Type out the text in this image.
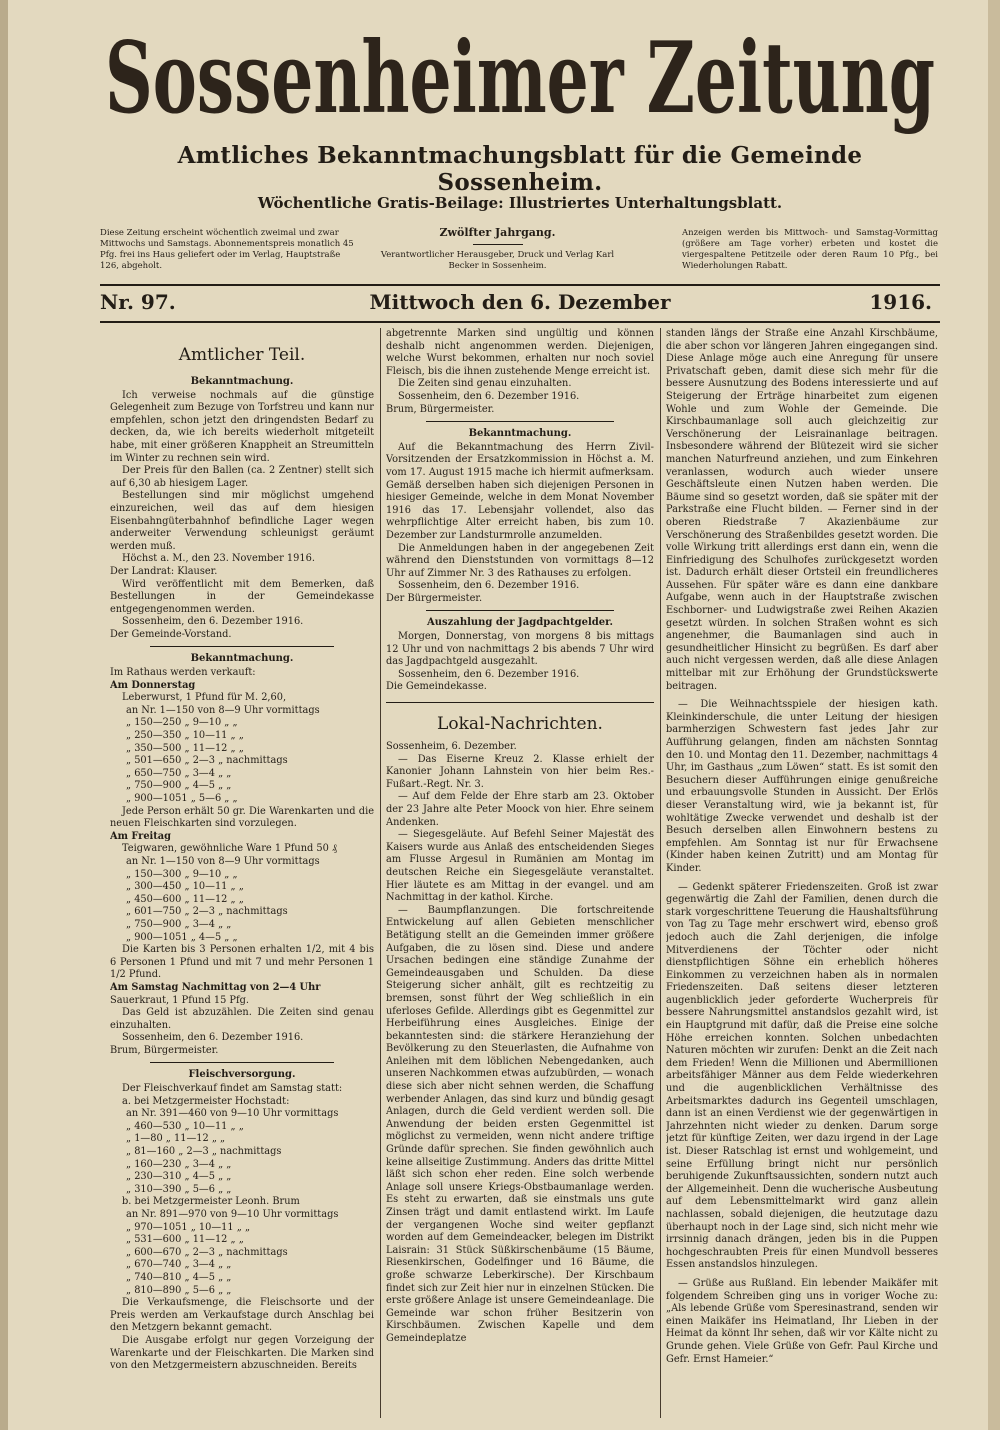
Sossenheimer Zeitung
Amtliches Bekanntmachungsblatt für die Gemeinde Sossenheim.
Wöchentliche Gratis-Beilage: Illustriertes Unterhaltungsblatt.
Diese Zeitung erscheint wöchentlich zweimal und zwar Mittwochs und Samstags. Abonnementspreis monatlich 45 Pfg. frei ins Haus geliefert oder im Verlag, Hauptstraße 126, abgeholt.
Zwölfter Jahrgang.
Verantwortlicher Herausgeber, Druck und Verlag Karl Becker in Sossenheim.
Anzeigen werden bis Mittwoch- und Samstag-Vormittag (größere am Tage vorher) erbeten und kostet die viergespaltene Petitzeile oder deren Raum 10 Pfg., bei Wiederholungen Rabatt.
Nr. 97.	Mittwoch den 6. Dezember	1916.
Amtlicher Teil.
Bekanntmachung.

Ich verweise nochmals auf die günstige Gelegenheit zum Bezuge von Torfstreu und kann nur empfehlen, schon jetzt den dringendsten Bedarf zu decken, da, wie ich bereits wiederholt mitgeteilt habe, mit einer größeren Knappheit an Streumitteln im Winter zu rechnen sein wird.

Der Preis für den Ballen (ca. 2 Zentner) stellt sich auf 6,30 ab hiesigem Lager.

Bestellungen sind mir möglichst umgehend einzureichen, weil das auf dem hiesigen Eisenbahngüterbahnhof befindliche Lager wegen anderweiter Verwendung schleunigst geräumt werden muß.

Höchst a. M., den 23. November 1916.

Der Landrat: Klauser.

Wird veröffentlicht mit dem Bemerken, daß Bestellungen in der Gemeindekasse entgegengenommen werden.

Sossenheim, den 6. Dezember 1916.

Der Gemeinde-Vorstand.

Bekanntmachung.

Im Rathaus werden verkauft:

Am Donnerstag

Leberwurst, 1 Pfund für M. 2,60,

an Nr. 1—150 von 8—9 Uhr vormittags

„ 150—250 „ 9—10 „ „

„ 250—350 „ 10—11 „ „

„ 350—500 „ 11—12 „ „

„ 501—650 „ 2—3 „ nachmittags

„ 650—750 „ 3—4 „ „

„ 750—900 „ 4—5 „ „

„ 900—1051 „ 5—6 „ „

Jede Person erhält 50 gr. Die Warenkarten und die neuen Fleischkarten sind vorzulegen.

Am Freitag

Teigwaren, gewöhnliche Ware 1 Pfund 50 ₰

an Nr. 1—150 von 8—9 Uhr vormittags

„ 150—300 „ 9—10 „ „

„ 300—450 „ 10—11 „ „

„ 450—600 „ 11—12 „ „

„ 601—750 „ 2—3 „ nachmittags

„ 750—900 „ 3—4 „ „

„ 900—1051 „ 4—5 „ „

Die Karten bis 3 Personen erhalten 1/2, mit 4 bis 6 Personen 1 Pfund und mit 7 und mehr Personen 1 1/2 Pfund.

Am Samstag Nachmittag von 2—4 Uhr

Sauerkraut, 1 Pfund 15 Pfg.

Das Geld ist abzuzählen. Die Zeiten sind genau einzuhalten.

Sossenheim, den 6. Dezember 1916.

Brum, Bürgermeister.

Fleischversorgung.

Der Fleischverkauf findet am Samstag statt:

a. bei Metzgermeister Hochstadt:

an Nr. 391—460 von 9—10 Uhr vormittags

„ 460—530 „ 10—11 „ „

„ 1—80 „ 11—12 „ „

„ 81—160 „ 2—3 „ nachmittags

„ 160—230 „ 3—4 „ „

„ 230—310 „ 4—5 „ „

„ 310—390 „ 5—6 „ „

b. bei Metzgermeister Leonh. Brum

an Nr. 891—970 von 9—10 Uhr vormittags

„ 970—1051 „ 10—11 „ „

„ 531—600 „ 11—12 „ „

„ 600—670 „ 2—3 „ nachmittags

„ 670—740 „ 3—4 „ „

„ 740—810 „ 4—5 „ „

„ 810—890 „ 5—6 „ „

Die Verkaufsmenge, die Fleischsorte und der Preis werden am Verkaufstage durch Anschlag bei den Metzgern bekannt gemacht.

Die Ausgabe erfolgt nur gegen Vorzeigung der Warenkarte und der Fleischkarten. Die Marken sind von den Metzgermeistern abzuschneiden. Bereits

abgetrennte Marken sind ungültig und können deshalb nicht angenommen werden. Diejenigen, welche Wurst bekommen, erhalten nur noch soviel Fleisch, bis die ihnen zustehende Menge erreicht ist.

Die Zeiten sind genau einzuhalten.

Sossenheim, den 6. Dezember 1916.

Brum, Bürgermeister.

Bekanntmachung.

Auf die Bekanntmachung des Herrn Zivil-Vorsitzenden der Ersatzkommission in Höchst a. M. vom 17. August 1915 mache ich hiermit aufmerksam. Gemäß derselben haben sich diejenigen Personen in hiesiger Gemeinde, welche in dem Monat November 1916 das 17. Lebensjahr vollendet, also das wehrpflichtige Alter erreicht haben, bis zum 10. Dezember zur Landsturmrolle anzumelden.

Die Anmeldungen haben in der angegebenen Zeit während den Dienststunden von vormittags 8—12 Uhr auf Zimmer Nr. 3 des Rathauses zu erfolgen.

Sossenheim, den 6. Dezember 1916.

Der Bürgermeister.

Auszahlung der Jagdpachtgelder.

Morgen, Donnerstag, von morgens 8 bis mittags 12 Uhr und von nachmittags 2 bis abends 7 Uhr wird das Jagdpachtgeld ausgezahlt.

Sossenheim, den 6. Dezember 1916.

Die Gemeindekasse.

Lokal-Nachrichten.

Sossenheim, 6. Dezember.

— Das Eiserne Kreuz 2. Klasse erhielt der Kanonier Johann Lahnstein von hier beim Res.-Fußart.-Regt. Nr. 3.

— Auf dem Felde der Ehre starb am 23. Oktober der 23 Jahre alte Peter Moock von hier. Ehre seinem Andenken.

— Siegesgeläute. Auf Befehl Seiner Majestät des Kaisers wurde aus Anlaß des entscheidenden Sieges am Flusse Argesul in Rumänien am Montag im deutschen Reiche ein Siegesgeläute veranstaltet. Hier läutete es am Mittag in der evangel. und am Nachmittag in der kathol. Kirche.

— Baumpflanzungen. Die fortschreitende Entwickelung auf allen Gebieten menschlicher Betätigung stellt an die Gemeinden immer größere Aufgaben, die zu lösen sind. Diese und andere Ursachen bedingen eine ständige Zunahme der Gemeindeausgaben und Schulden. Da diese Steigerung sicher anhält, gilt es rechtzeitig zu bremsen, sonst führt der Weg schließlich in ein uferloses Gefilde. Allerdings gibt es Gegenmittel zur Herbeiführung eines Ausgleiches. Einige der bekanntesten sind: die stärkere Heranziehung der Bevölkerung zu den Steuerlasten, die Aufnahme von Anleihen mit dem löblichen Nebengedanken, auch unseren Nachkommen etwas aufzubürden, — wonach diese sich aber nicht sehnen werden, die Schaffung werbender Anlagen, das sind kurz und bündig gesagt Anlagen, durch die Geld verdient werden soll. Die Anwendung der beiden ersten Gegenmittel ist möglichst zu vermeiden, wenn nicht andere triftige Gründe dafür sprechen. Sie finden gewöhnlich auch keine allseitige Zustimmung. Anders das dritte Mittel läßt sich schon eher reden. Eine solch werbende Anlage soll unsere Kriegs-Obstbaumanlage werden. Es steht zu erwarten, daß sie einstmals uns gute Zinsen trägt und damit entlastend wirkt. Im Laufe der vergangenen Woche sind weiter gepflanzt worden auf dem Gemeindeacker, belegen im Distrikt Laisrain: 31 Stück Süßkirschenbäume (15 Bäume, Riesenkirschen, Godelfinger und 16 Bäume, die große schwarze Leberkirsche). Der Kirschbaum findet sich zur Zeit hier nur in einzelnen Stücken. Die erste größere Anlage ist unsere Gemeindeanlage. Die Gemeinde war schon früher Besitzerin von Kirschbäumen. Zwischen Kapelle und dem Gemeindeplatze

standen längs der Straße eine Anzahl Kirschbäume, die aber schon vor längeren Jahren eingegangen sind. Diese Anlage möge auch eine Anregung für unsere Privatschaft geben, damit diese sich mehr für die bessere Ausnutzung des Bodens interessierte und auf Steigerung der Erträge hinarbeitet zum eigenen Wohle und zum Wohle der Gemeinde. Die Kirschbaumanlage soll auch gleichzeitig zur Verschönerung der Leisrainanlage beitragen. Insbesondere während der Blütezeit wird sie sicher manchen Naturfreund anziehen, und zum Einkehren veranlassen, wodurch auch wieder unsere Geschäftsleute einen Nutzen haben werden. Die Bäume sind so gesetzt worden, daß sie später mit der Parkstraße eine Flucht bilden. — Ferner sind in der oberen Riedstraße 7 Akazienbäume zur Verschönerung des Straßenbildes gesetzt worden. Die volle Wirkung tritt allerdings erst dann ein, wenn die Einfriedigung des Schulhofes zurückgesetzt worden ist. Dadurch erhält dieser Ortsteil ein freundlicheres Aussehen. Für später wäre es dann eine dankbare Aufgabe, wenn auch in der Hauptstraße zwischen Eschborner- und Ludwigstraße zwei Reihen Akazien gesetzt würden. In solchen Straßen wohnt es sich angenehmer, die Baumanlagen sind auch in gesundheitlicher Hinsicht zu begrüßen. Es darf aber auch nicht vergessen werden, daß alle diese Anlagen mittelbar mit zur Erhöhung der Grundstückswerte beitragen.

— Die Weihnachtsspiele der hiesigen kath. Kleinkinderschule, die unter Leitung der hiesigen barmherzigen Schwestern fast jedes Jahr zur Aufführung gelangen, finden am nächsten Sonntag den 10. und Montag den 11. Dezember, nachmittags 4 Uhr, im Gasthaus „zum Löwen“ statt. Es ist somit den Besuchern dieser Aufführungen einige genußreiche und erbauungsvolle Stunden in Aussicht. Der Erlös dieser Veranstaltung wird, wie ja bekannt ist, für wohltätige Zwecke verwendet und deshalb ist der Besuch derselben allen Einwohnern bestens zu empfehlen. Am Sonntag ist nur für Erwachsene (Kinder haben keinen Zutritt) und am Montag für Kinder.

— Gedenkt späterer Friedenszeiten. Groß ist zwar gegenwärtig die Zahl der Familien, denen durch die stark vorgeschrittene Teuerung die Haushaltsführung von Tag zu Tage mehr erschwert wird, ebenso groß jedoch auch die Zahl derjenigen, die infolge Mitverdienens der Töchter oder nicht dienstpflichtigen Söhne ein erheblich höheres Einkommen zu verzeichnen haben als in normalen Friedenszeiten. Daß seitens dieser letzteren augenblicklich jeder geforderte Wucherpreis für bessere Nahrungsmittel anstandslos gezahlt wird, ist ein Hauptgrund mit dafür, daß die Preise eine solche Höhe erreichen konnten. Solchen unbedachten Naturen möchten wir zurufen: Denkt an die Zeit nach dem Frieden! Wenn die Millionen und Abermillionen arbeitsfähiger Männer aus dem Felde wiederkehren und die augenblicklichen Verhältnisse des Arbeitsmarktes dadurch ins Gegenteil umschlagen, dann ist an einen Verdienst wie der gegenwärtigen in Jahrzehnten nicht wieder zu denken. Darum sorge jetzt für künftige Zeiten, wer dazu irgend in der Lage ist. Dieser Ratschlag ist ernst und wohlgemeint, und seine Erfüllung bringt nicht nur persönlich beruhigende Zukunftsaussichten, sondern nutzt auch der Allgemeinheit. Denn die wucherische Ausbeutung auf dem Lebensmittelmarkt wird ganz allein nachlassen, sobald diejenigen, die heutzutage dazu überhaupt noch in der Lage sind, sich nicht mehr wie irrsinnig danach drängen, jeden bis in die Puppen hochgeschraubten Preis für einen Mundvoll besseres Essen anstandslos hinzulegen.

— Grüße aus Rußland. Ein lebender Maikäfer mit folgendem Schreiben ging uns in voriger Woche zu: „Als lebende Grüße vom Speresinastrand, senden wir einen Maikäfer ins Heimatland, Ihr Lieben in der Heimat da könnt Ihr sehen, daß wir vor Kälte nicht zu Grunde gehen. Viele Grüße von Gefr. Paul Kirche und Gefr. Ernst Hameier.“
